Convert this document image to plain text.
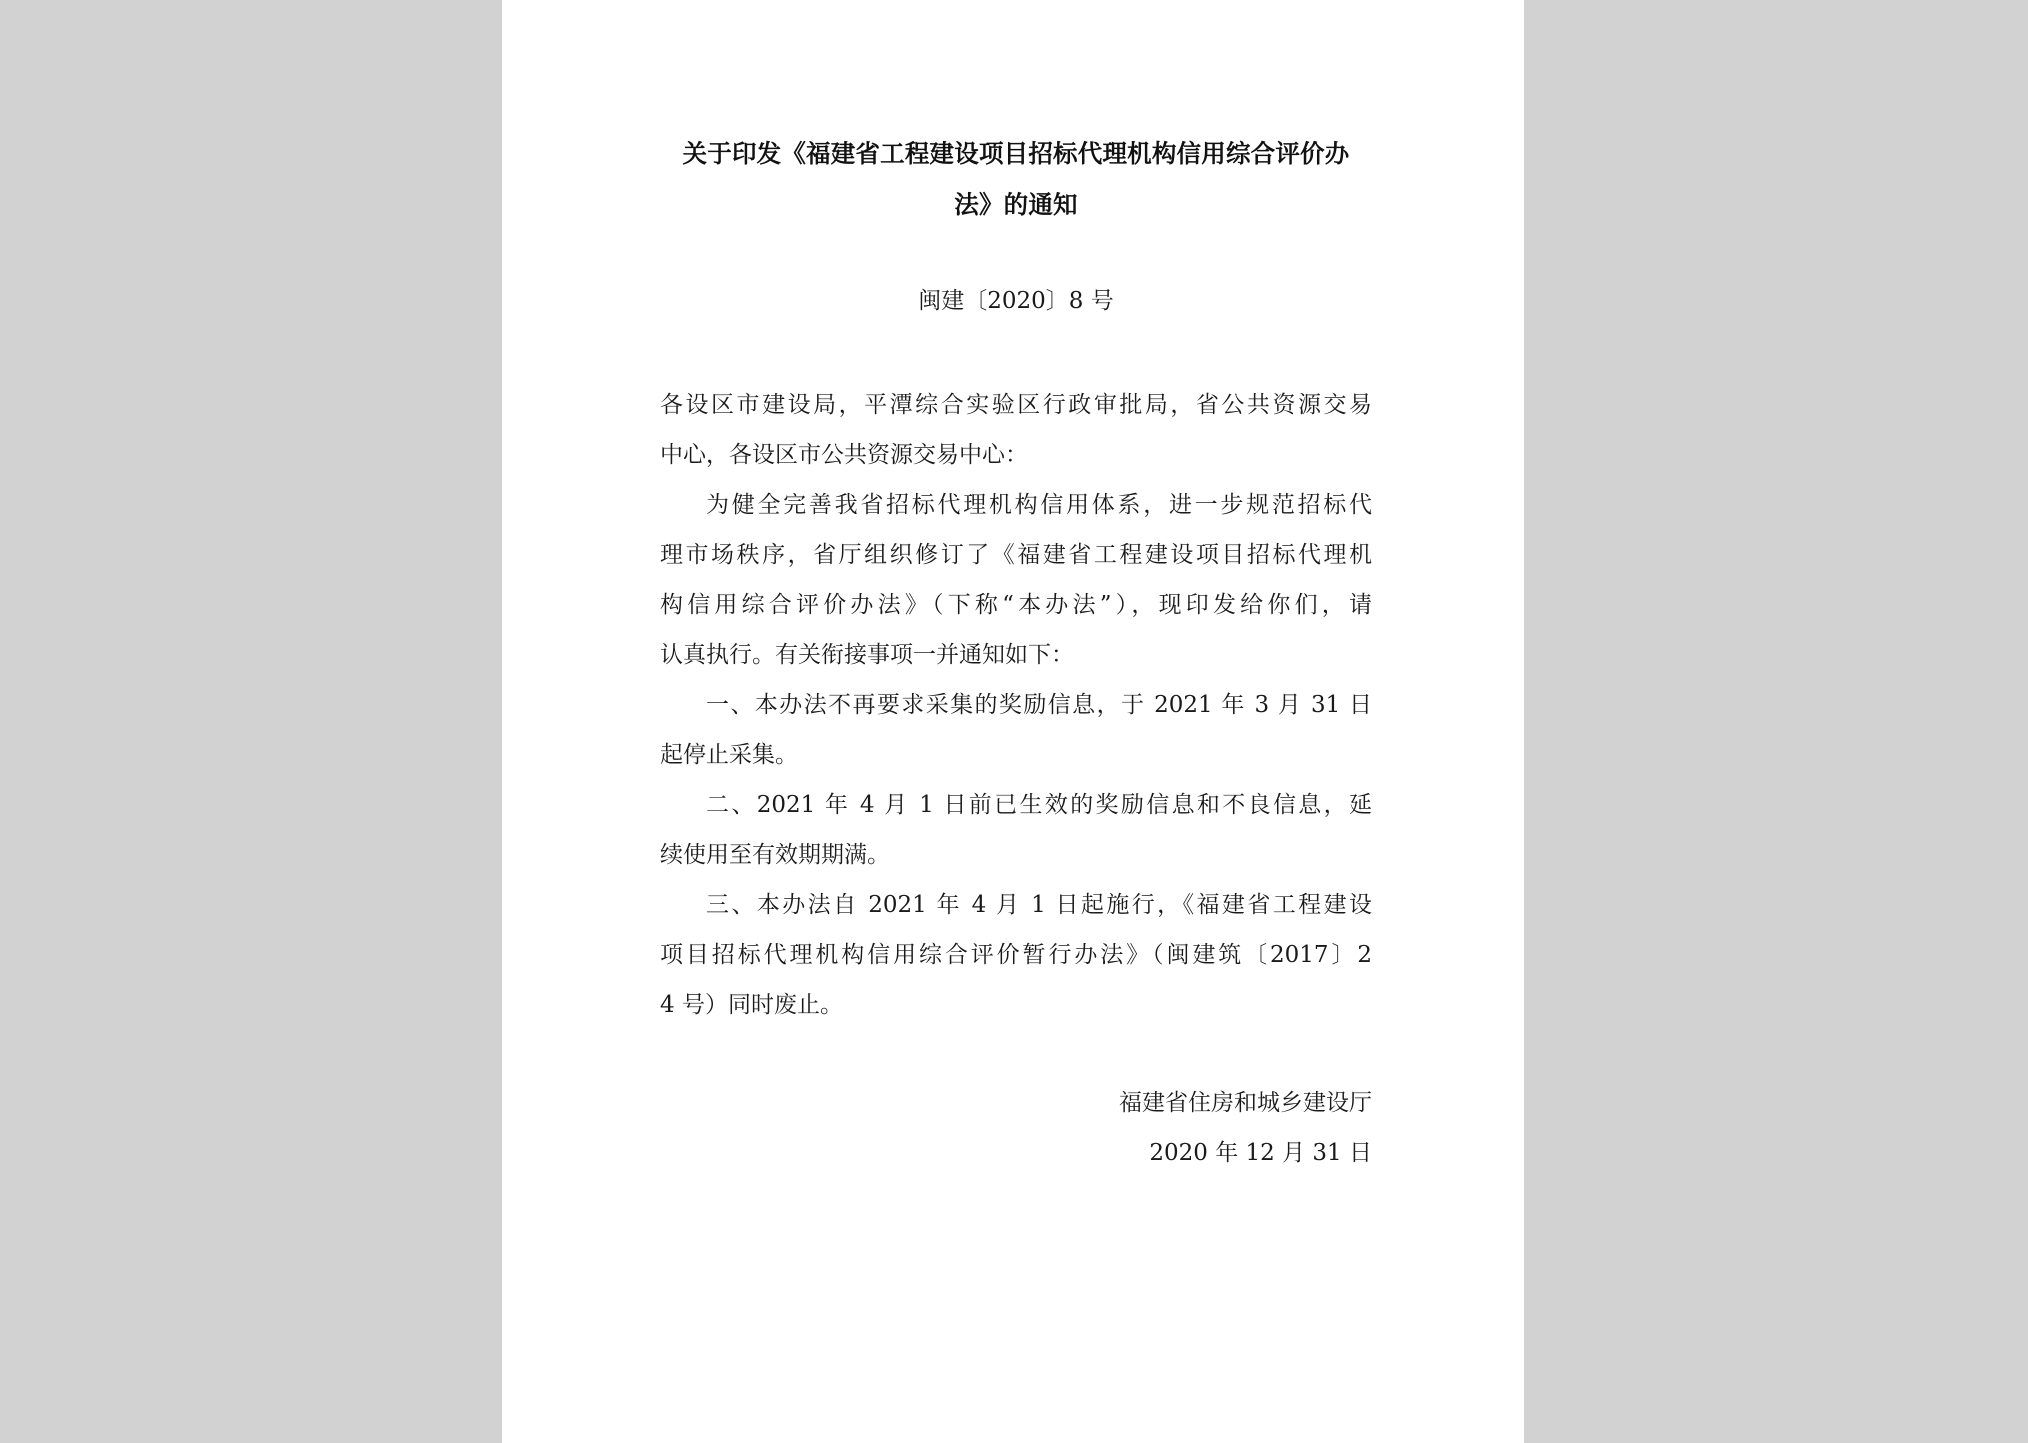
关于印发《福建省工程建设项目招标代理机构信用综合评价办
法》的通知
闽建〔2020〕8 号
各设区市建设局，平潭综合实验区行政审批局，省公共资源交易
中心，各设区市公共资源交易中心：
为健全完善我省招标代理机构信用体系，进一步规范招标代
理市场秩序，省厅组织修订了《福建省工程建设项目招标代理机
构信用综合评价办法》（下称“本办法”），现印发给你们，请
认真执行。有关衔接事项一并通知如下：
一、本办法不再要求采集的奖励信息，于 2021 年 3 月 31 日
起停止采集。
二、2021 年 4 月 1 日前已生效的奖励信息和不良信息，延
续使用至有效期期满。
三、本办法自 2021 年 4 月 1 日起施行，《福建省工程建设
项目招标代理机构信用综合评价暂行办法》（闽建筑〔2017〕2
4 号）同时废止。
福建省住房和城乡建设厅
2020 年 12 月 31 日
